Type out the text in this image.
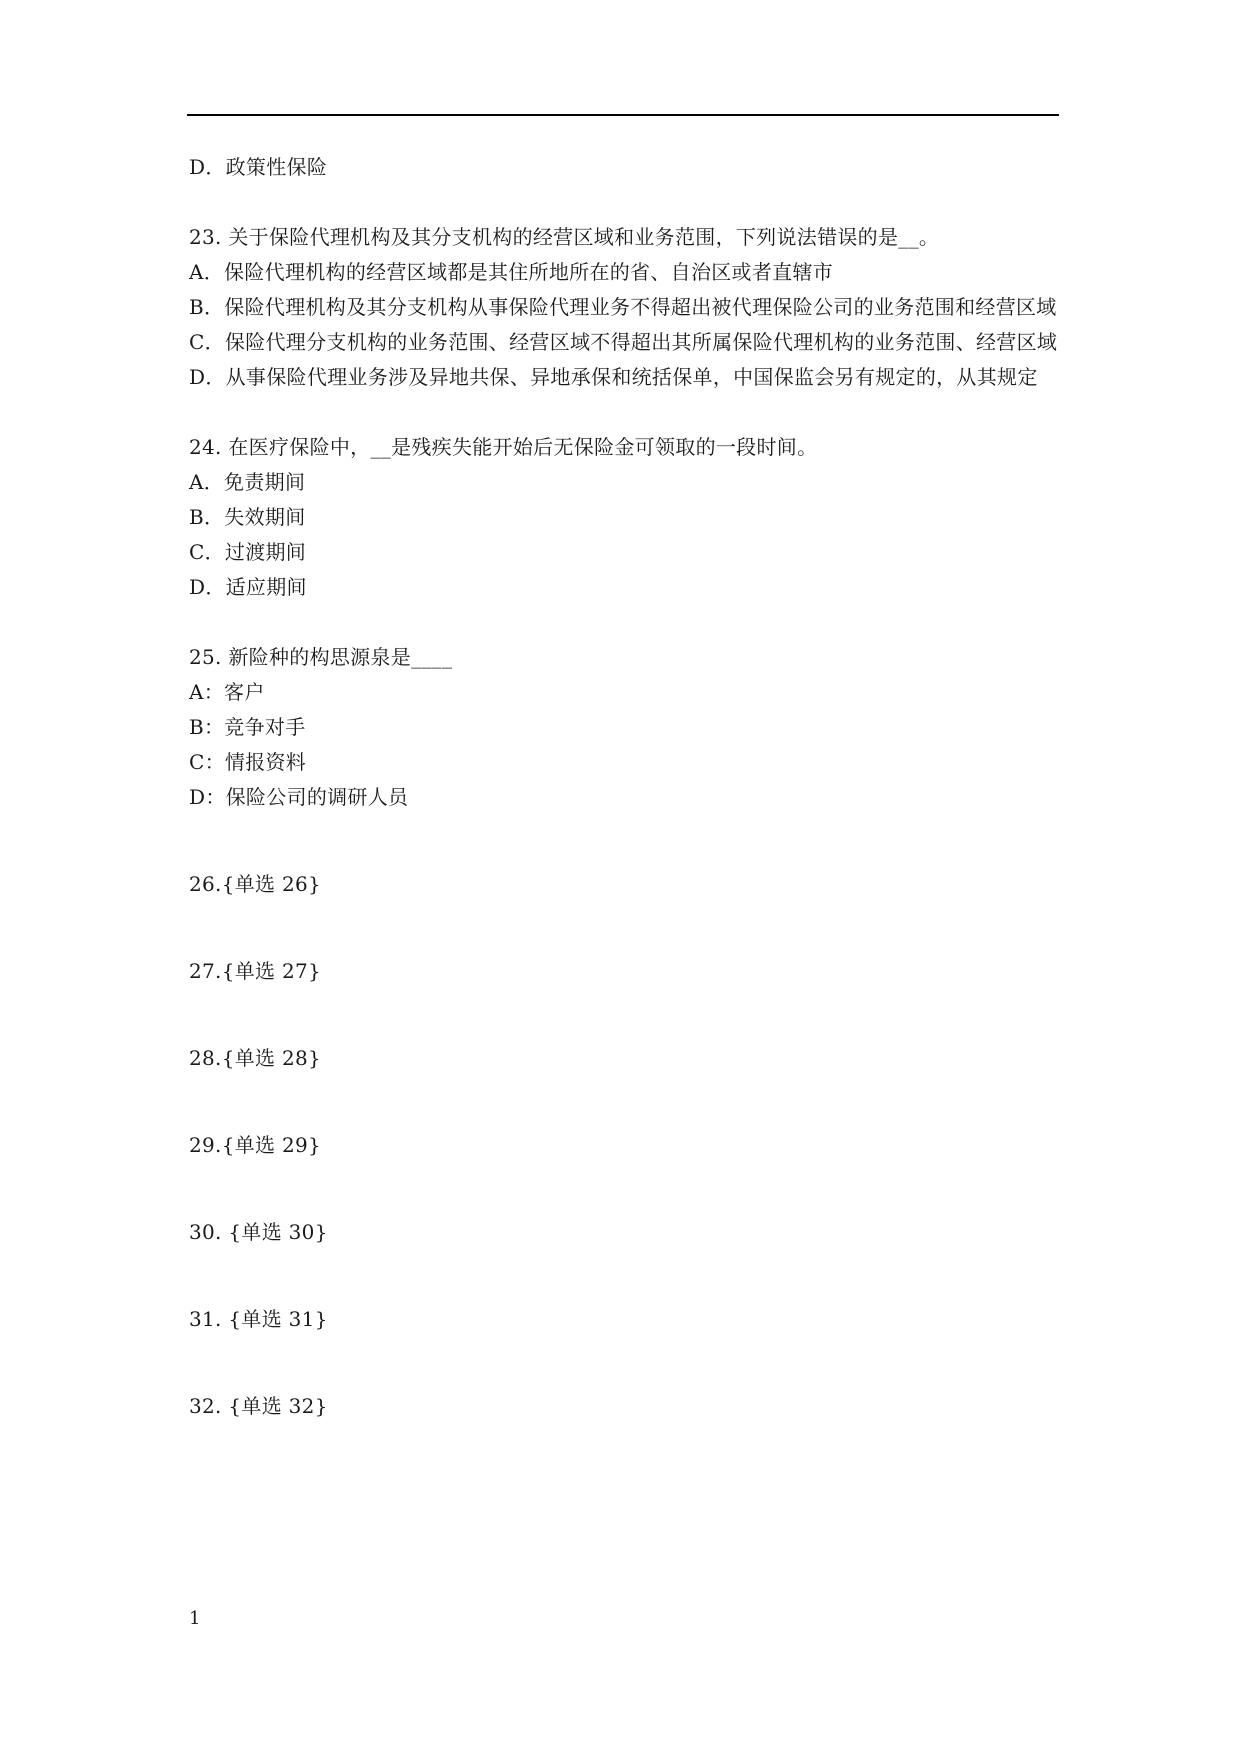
D．政策性保险
23. 关于保险代理机构及其分支机构的经营区域和业务范围，下列说法错误的是__。
A．保险代理机构的经营区域都是其住所地所在的省、自治区或者直辖市
B．保险代理机构及其分支机构从事保险代理业务不得超出被代理保险公司的业务范围和经营区域
C．保险代理分支机构的业务范围、经营区域不得超出其所属保险代理机构的业务范围、经营区域
D．从事保险代理业务涉及异地共保、异地承保和统括保单，中国保监会另有规定的，从其规定
24. 在医疗保险中，__是残疾失能开始后无保险金可领取的一段时间。
A．免责期间
B．失效期间
C．过渡期间
D．适应期间
25. 新险种的构思源泉是____
A：客户
B：竞争对手
C：情报资料
D：保险公司的调研人员
26.{单选 26}
27.{单选 27}
28.{单选 28}
29.{单选 29}
30. {单选 30}
31. {单选 31}
32. {单选 32}
1
